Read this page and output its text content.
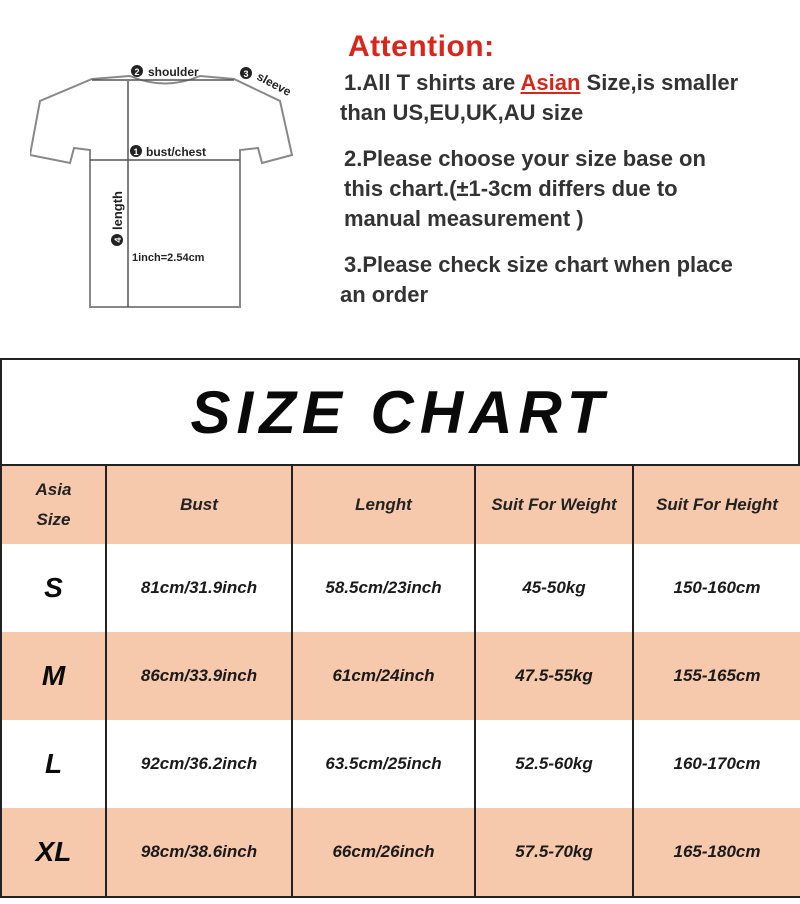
2 shoulder	3 sleeve
1 bust/chest
4
length
1inch=2.54cm
Attention:
1.All T shirts are Asian Size,is smaller
than US,EU,UK,AU size
2.Please choose your size base on
this chart.(±1-3cm differs due to
manual measurement )
3.Please check size chart when place
an order
SIZE CHART
Asia
Size	Bust	Lenght	Suit For Weight	Suit For Height
S	81cm/31.9inch	58.5cm/23inch	45-50kg	150-160cm
M	86cm/33.9inch	61cm/24inch	47.5-55kg	155-165cm
L	92cm/36.2inch	63.5cm/25inch	52.5-60kg	160-170cm
XL	98cm/38.6inch	66cm/26inch	57.5-70kg	165-180cm
